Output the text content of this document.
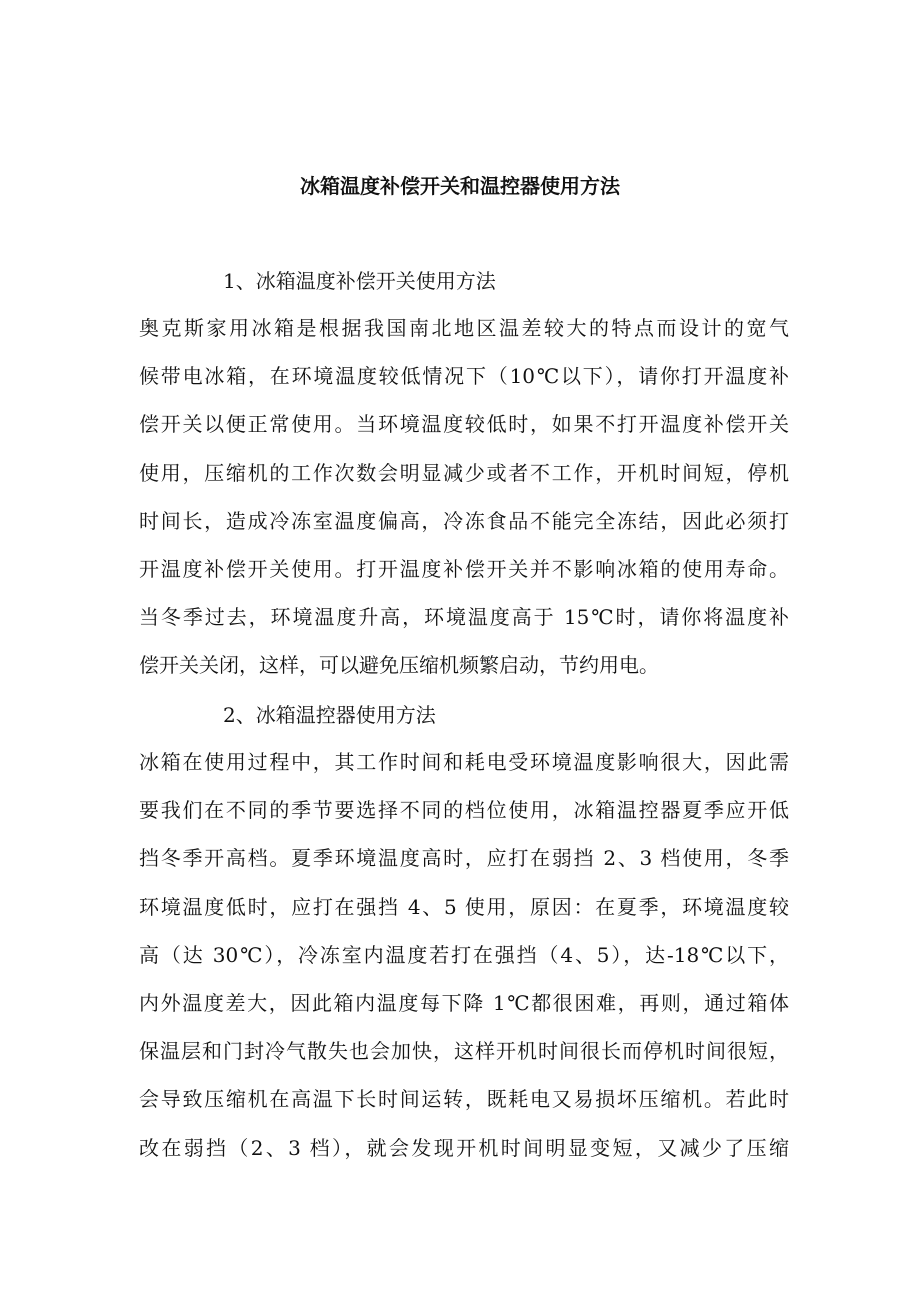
冰箱温度补偿开关和温控器使用方法

1、冰箱温度补偿开关使用方法

奥克斯家用冰箱是根据我国南北地区温差较大的特点而设计的宽气

候带电冰箱，在环境温度较低情况下（10℃以下），请你打开温度补

偿开关以便正常使用。当环境温度较低时，如果不打开温度补偿开关

使用，压缩机的工作次数会明显减少或者不工作，开机时间短，停机

时间长，造成冷冻室温度偏高，冷冻食品不能完全冻结，因此必须打

开温度补偿开关使用。打开温度补偿开关并不影响冰箱的使用寿命。

当冬季过去，环境温度升高，环境温度高于 15℃时，请你将温度补

偿开关关闭，这样，可以避免压缩机频繁启动，节约用电。

2、冰箱温控器使用方法

冰箱在使用过程中，其工作时间和耗电受环境温度影响很大，因此需

要我们在不同的季节要选择不同的档位使用，冰箱温控器夏季应开低

挡冬季开高档。夏季环境温度高时，应打在弱挡 2、3 档使用，冬季

环境温度低时，应打在强挡 4、5 使用，原因：在夏季，环境温度较

高（达 30℃），冷冻室内温度若打在强挡（4、5），达-18℃以下，

内外温度差大，因此箱内温度每下降 1℃都很困难，再则，通过箱体

保温层和门封冷气散失也会加快，这样开机时间很长而停机时间很短，

会导致压缩机在高温下长时间运转，既耗电又易损坏压缩机。若此时

改在弱挡（2、3 档），就会发现开机时间明显变短，又减少了压缩
